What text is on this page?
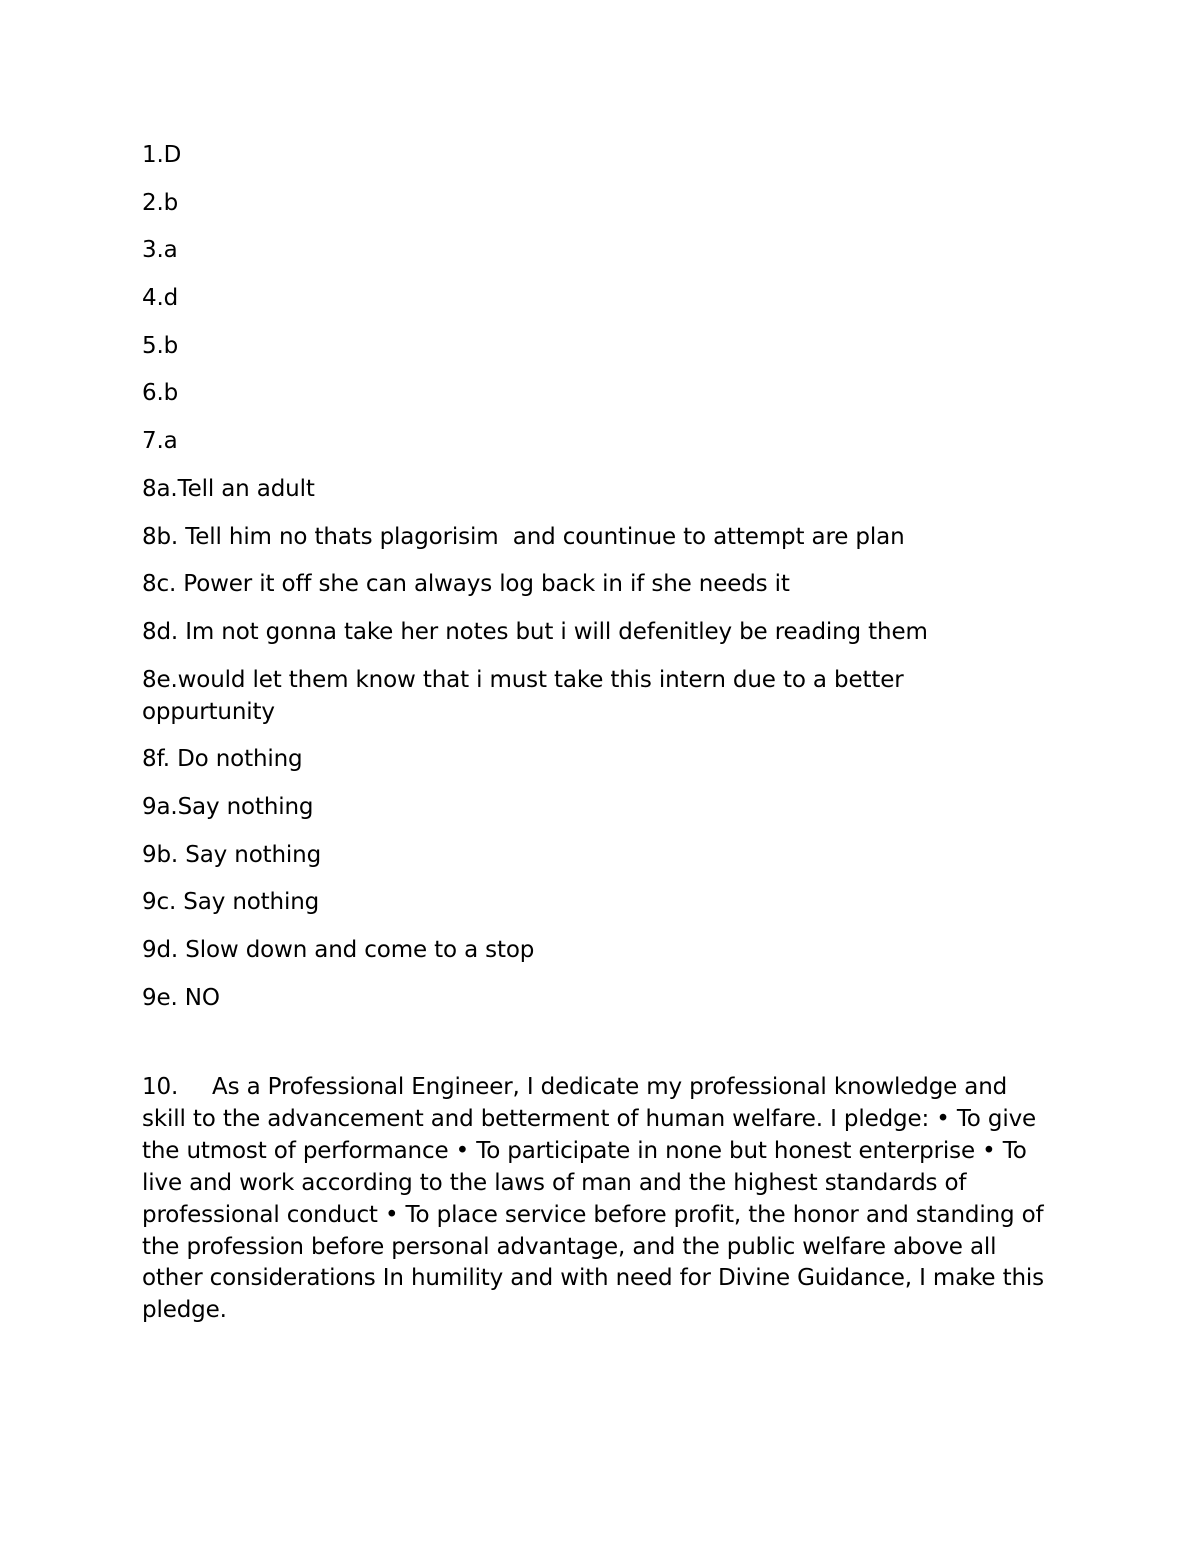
1.D

2.b

3.a

4.d

5.b

6.b

7.a

8a.Tell an adult

8b. Tell him no thats plagorisim  and countinue to attempt are plan

8c. Power it off she can always log back in if she needs it

8d. Im not gonna take her notes but i will defenitley be reading them

8e.would let them know that i must take this intern due to a better oppurtunity

8f. Do nothing

9a.Say nothing

9b. Say nothing

9c. Say nothing

9d. Slow down and come to a stop

9e. NO

10. As a Professional Engineer, I dedicate my professional knowledge and skill to the advancement and betterment of human welfare. I pledge: • To give the utmost of performance • To participate in none but honest enterprise • To live and work according to the laws of man and the highest standards of professional conduct • To place service before profit, the honor and standing of the profession before personal advantage, and the public welfare above all other considerations In humility and with need for Divine Guidance, I make this pledge.
